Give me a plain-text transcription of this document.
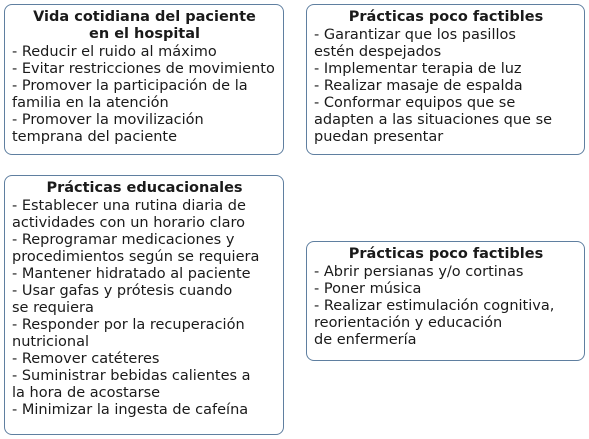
Vida cotidiana del paciente
en el hospital
- Reducir el ruido al máximo
- Evitar restricciones de movimiento
- Promover la participación de la
familia en la atención
- Promover la movilización
temprana del paciente
Prácticas poco factibles
- Garantizar que los pasillos
estén despejados
- Implementar terapia de luz
- Realizar masaje de espalda
- Conformar equipos que se
adapten a las situaciones que se
puedan presentar
Prácticas educacionales
- Establecer una rutina diaria de
actividades con un horario claro
- Reprogramar medicaciones y
procedimientos según se requiera
- Mantener hidratado al paciente
- Usar gafas y prótesis cuando
se requiera
- Responder por la recuperación
nutricional
- Remover catéteres
- Suministrar bebidas calientes a
la hora de acostarse
- Minimizar la ingesta de cafeína
Prácticas poco factibles
- Abrir persianas y/o cortinas
- Poner música
- Realizar estimulación cognitiva,
reorientación y educación
de enfermería
